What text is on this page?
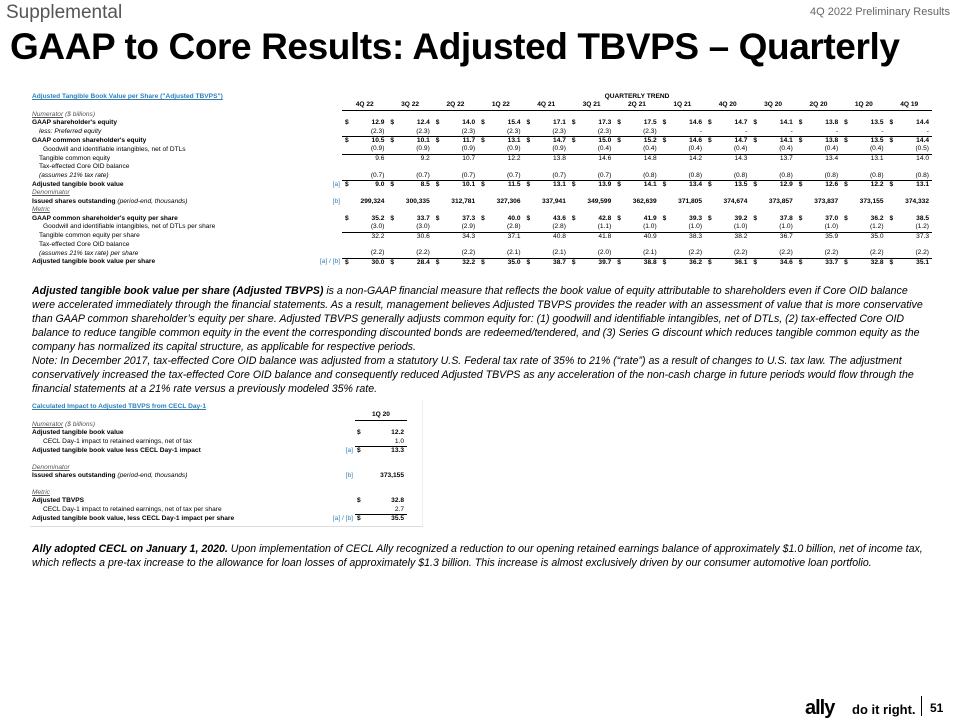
Supplemental	4Q 2022 Preliminary Results
GAAP to Core Results: Adjusted TBVPS – Quarterly
Adjusted Tangible Book Value per Share ("Adjusted TBVPS")		QUARTERLY TREND												
		4Q 22	3Q 22	2Q 22	1Q 22	4Q 21	3Q 21	2Q 21	1Q 21	4Q 20	3Q 20	2Q 20	1Q 20	4Q 19
Numerator ($ billions)														
GAAP shareholder's equity		$ 12.9	$ 12.4	$ 14.0	$ 15.4	$ 17.1	$ 17.3	$ 17.5	$ 14.6	$ 14.7	$ 14.1	$ 13.8	$ 13.5	$ 14.4

less: Preferred equity		(2.3)	(2.3)	(2.3)	(2.3)	(2.3)	(2.3)	(2.3)	-	-	-	-	-	-

GAAP common shareholder's equity		$ 10.5	$ 10.1	$ 11.7	$ 13.1	$ 14.7	$ 15.0	$ 15.2	$ 14.6	$ 14.7	$ 14.1	$ 13.8	$ 13.5	$ 14.4

Goodwill and identifiable intangibles, net of DTLs		(0.9)	(0.9)	(0.9)	(0.9)	(0.9)	(0.4)	(0.4)	(0.4)	(0.4)	(0.4)	(0.4)	(0.4)	(0.5)

Tangible common equity		9.6	9.2	10.7	12.2	13.8	14.6	14.8	14.2	14.3	13.7	13.4	13.1	14.0

Tax-effected Core OID balance		

(assumes 21% tax rate)		(0.7)	(0.7)	(0.7)	(0.7)	(0.7)	(0.7)	(0.8)	(0.8)	(0.8)	(0.8)	(0.8)	(0.8)	(0.8)

Adjusted tangible book value	[a]	$ 9.0	$ 8.5	$ 10.1	$ 11.5	$ 13.1	$ 13.9	$ 14.1	$ 13.4	$ 13.5	$ 12.9	$ 12.6	$ 12.2	$ 13.1

Denominator														
Issued shares outstanding (period-end, thousands)	[b]	299,324	300,335	312,781	327,306	337,941	349,599	362,639	371,805	374,674	373,857	373,837	373,155	374,332

Metric														
GAAP common shareholder's equity per share		$ 35.2	$ 33.7	$ 37.3	$ 40.0	$ 43.6	$ 42.8	$ 41.9	$ 39.3	$ 39.2	$ 37.8	$ 37.0	$ 36.2	$ 38.5

Goodwill and identifiable intangibles, net of DTLs per share		(3.0)	(3.0)	(2.9)	(2.8)	(2.8)	(1.1)	(1.0)	(1.0)	(1.0)	(1.0)	(1.0)	(1.2)	(1.2)

Tangible common equity per share		32.2	30.6	34.3	37.1	40.8	41.8	40.9	38.3	38.2	36.7	35.9	35.0	37.3

Tax-effected Core OID balance		

(assumes 21% tax rate) per share		(2.2)	(2.2)	(2.2)	(2.1)	(2.1)	(2.0)	(2.1)	(2.2)	(2.2)	(2.2)	(2.2)	(2.2)	(2.2)

Adjusted tangible book value per share	[a] / [b]	$ 30.0	$ 28.4	$ 32.2	$ 35.0	$ 38.7	$ 39.7	$ 38.8	$ 36.2	$ 36.1	$ 34.6	$ 33.7	$ 32.8	$ 35.1
Calculated Impact to Adjusted TBVPS from CECL Day-1		
		1Q 20
Numerator ($ billions)		
Adjusted tangible book value		$ 12.2

CECL Day-1 impact to retained earnings, net of tax		1.0

Adjusted tangible book value less CECL Day-1 impact	[a]	$ 13.3

Denominator		
Issued shares outstanding (period-end, thousands)	[b]	373,155

Metric		
Adjusted TBVPS		$ 32.8

CECL Day-1 impact to retained earnings, net of tax per share		2.7

Adjusted tangible book value, less CECL Day-1 impact per share	[a] / [b]	$ 35.5
Adjusted tangible book value per share (Adjusted TBVPS) is a non-GAAP financial measure that reflects the book value of equity attributable to shareholders even if Core OID balance were accelerated immediately through the financial statements. As a result, management believes Adjusted TBVPS provides the reader with an assessment of value that is more conservative than GAAP common shareholder’s equity per share. Adjusted TBVPS generally adjusts common equity for: (1) goodwill and identifiable intangibles, net of DTLs, (2) tax-effected Core OID balance to reduce tangible common equity in the event the corresponding discounted bonds are redeemed/tendered, and (3) Series G discount which reduces tangible common equity as the company has normalized its capital structure, as applicable for respective periods.
Note: In December 2017, tax-effected Core OID balance was adjusted from a statutory U.S. Federal tax rate of 35% to 21% (“rate”) as a result of changes to U.S. tax law. The adjustment conservatively increased the tax-effected Core OID balance and consequently reduced Adjusted TBVPS as any acceleration of the non-cash charge in future periods would flow through the financial statements at a 21% rate versus a previously modeled 35% rate.
Ally adopted CECL on January 1, 2020. Upon implementation of CECL Ally recognized a reduction to our opening retained earnings balance of approximately $1.0 billion, net of income tax, which reflects a pre-tax increase to the allowance for loan losses of approximately $1.3 billion. This increase is almost exclusively driven by our consumer automotive loan portfolio.
ally do it right. 51
